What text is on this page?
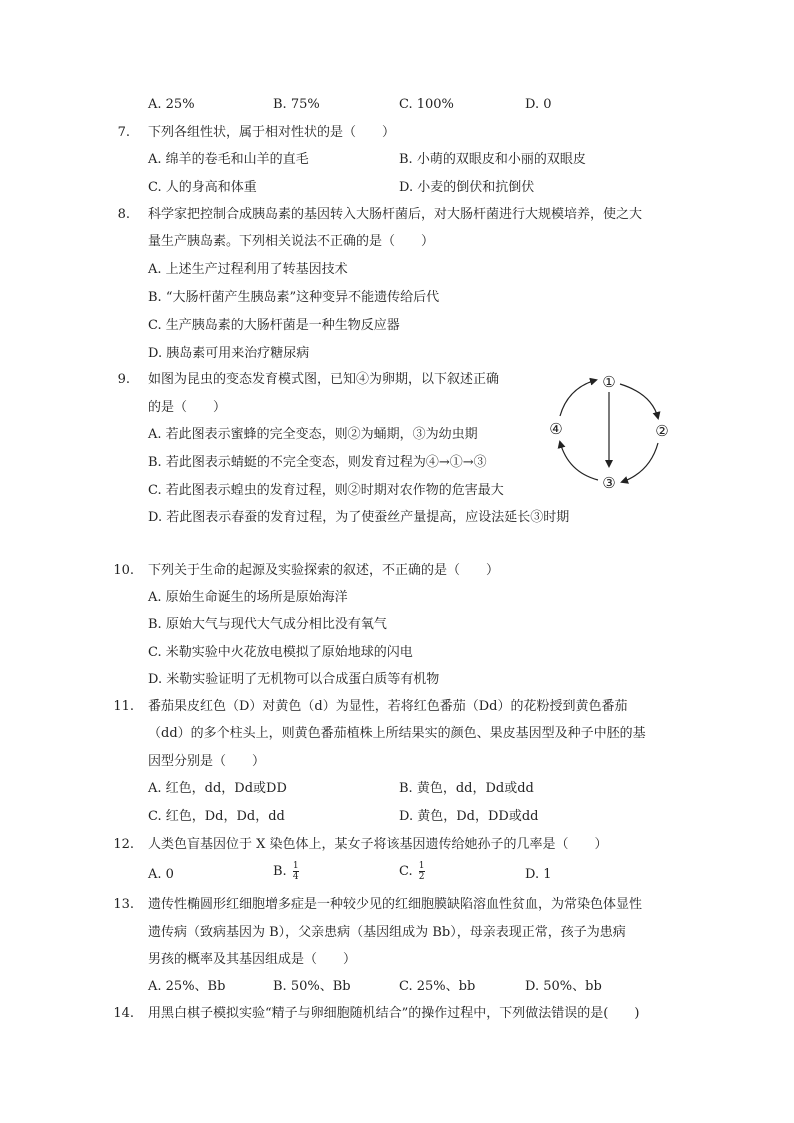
A. 25%	B. 75%	C. 100%	D. 0
7. 下列各组性状，属于相对性状的是（　　）
A. 绵羊的卷毛和山羊的直毛	B. 小萌的双眼皮和小丽的双眼皮
C. 人的身高和体重	D. 小麦的倒伏和抗倒伏
8. 科学家把控制合成胰岛素的基因转入大肠杆菌后，对大肠杆菌进行大规模培养，使之大
量生产胰岛素。下列相关说法不正确的是（　　）
A. 上述生产过程利用了转基因技术
B. “大肠杆菌产生胰岛素”这种变异不能遗传给后代
C. 生产胰岛素的大肠杆菌是一种生物反应器
D. 胰岛素可用来治疗糖尿病
9. 如图为昆虫的变态发育模式图，已知④为卵期，以下叙述正确
的是（　　）
A. 若此图表示蜜蜂的完全变态，则②为蛹期，③为幼虫期
B. 若此图表示蜻蜓的不完全变态，则发育过程为④→①→③
C. 若此图表示蝗虫的发育过程，则②时期对农作物的危害最大
D. 若此图表示春蚕的发育过程，为了使蚕丝产量提高，应设法延长③时期
①
②
③
④
10. 下列关于生命的起源及实验探索的叙述，不正确的是（　　）
A. 原始生命诞生的场所是原始海洋
B. 原始大气与现代大气成分相比没有氧气
C. 米勒实验中火花放电模拟了原始地球的闪电
D. 米勒实验证明了无机物可以合成蛋白质等有机物
11. 番茄果皮红色（D）对黄色（d）为显性，若将红色番茄（Dd）的花粉授到黄色番茄
（dd）的多个柱头上，则黄色番茄植株上所结果实的颜色、果皮基因型及种子中胚的基
因型分别是（　　）
A. 红色，dd，Dd或DD	B. 黄色，dd，Dd或dd
C. 红色，Dd，Dd，dd	D. 黄色，Dd，DD或dd
12. 人类色盲基因位于 X 染色体上，某女子将该基因遗传给她孙子的几率是（　　）
A. 0	B. $\frac{1}{4}$	C. $\frac{1}{2}$	D. 1
13. 遗传性椭圆形红细胞增多症是一种较少见的红细胞膜缺陷溶血性贫血，为常染色体显性
遗传病（致病基因为 B），父亲患病（基因组成为 Bb），母亲表现正常，孩子为患病
男孩的概率及其基因组成是（　　）
A. 25%、Bb	B. 50%、Bb	C. 25%、bb	D. 50%、bb
14. 用黑白棋子模拟实验“精子与卵细胞随机结合”的操作过程中，下列做法错误的是(　　)
